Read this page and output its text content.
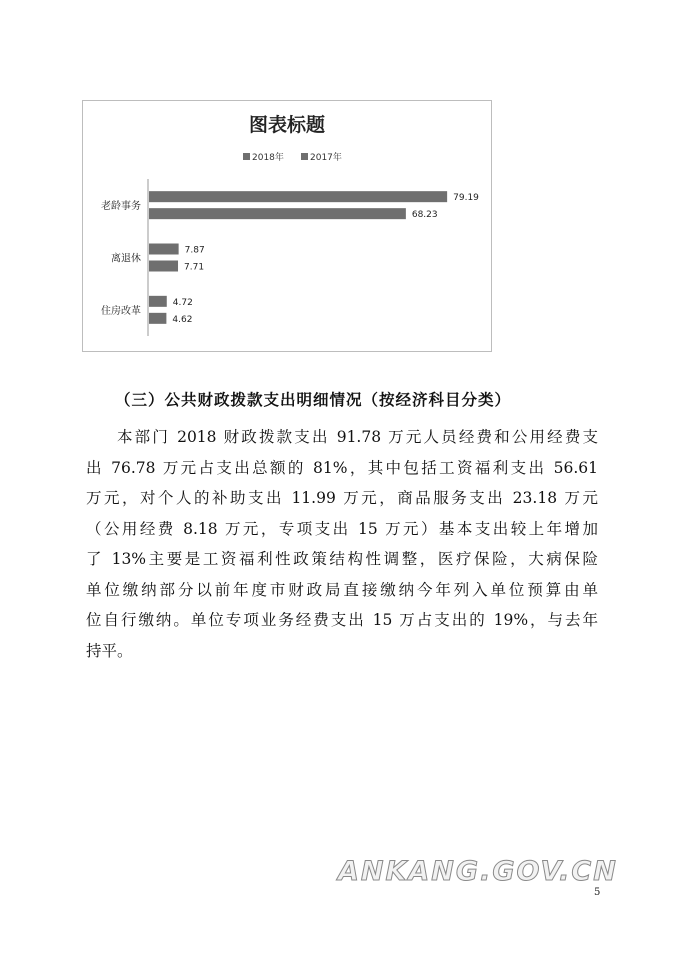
图表标题
2018年	2017年
老龄事务
79.19
68.23
离退休
7.87
7.71
住房改革
4.72
4.62
（三）公共财政拨款支出明细情况（按经济科目分类）
本部门 2018 财政拨款支出 91.78 万元人员经费和公用经费支
出 76.78 万元占支出总额的 81%，其中包括工资福利支出 56.61
万元，对个人的补助支出 11.99 万元，商品服务支出 23.18 万元
（公用经费 8.18 万元，专项支出 15 万元）基本支出较上年增加
了 13%主要是工资福利性政策结构性调整，医疗保险，大病保险
单位缴纳部分以前年度市财政局直接缴纳今年列入单位预算由单
位自行缴纳。单位专项业务经费支出 15 万占支出的 19%，与去年
持平。
ANKANG.GOV.CN
5
